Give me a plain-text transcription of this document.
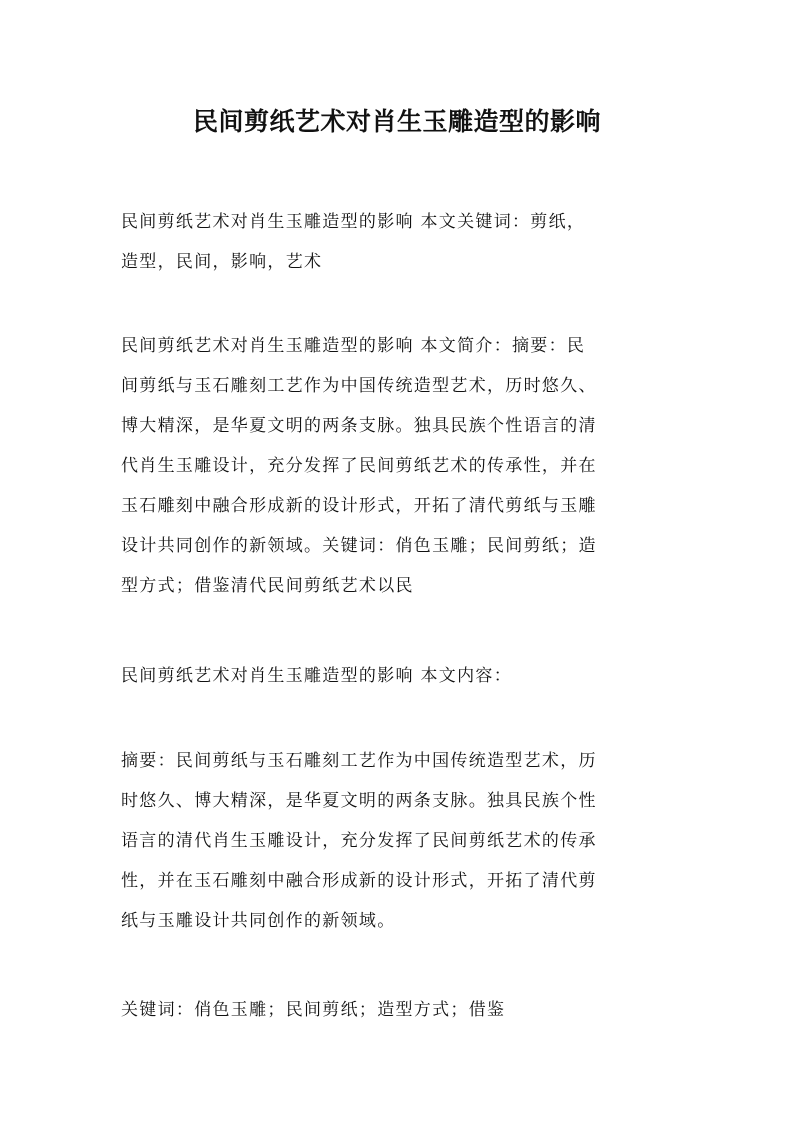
民间剪纸艺术对肖生玉雕造型的影响
民间剪纸艺术对肖生玉雕造型的影响 本文关键词：剪纸，
造型，民间，影响，艺术
民间剪纸艺术对肖生玉雕造型的影响 本文简介：摘要：民
间剪纸与玉石雕刻工艺作为中国传统造型艺术，历时悠久、
博大精深，是华夏文明的两条支脉。独具民族个性语言的清
代肖生玉雕设计，充分发挥了民间剪纸艺术的传承性，并在
玉石雕刻中融合形成新的设计形式，开拓了清代剪纸与玉雕
设计共同创作的新领域。关键词：俏色玉雕；民间剪纸；造
型方式；借鉴清代民间剪纸艺术以民
民间剪纸艺术对肖生玉雕造型的影响 本文内容：
摘要：民间剪纸与玉石雕刻工艺作为中国传统造型艺术，历
时悠久、博大精深，是华夏文明的两条支脉。独具民族个性
语言的清代肖生玉雕设计，充分发挥了民间剪纸艺术的传承
性，并在玉石雕刻中融合形成新的设计形式，开拓了清代剪
纸与玉雕设计共同创作的新领域。
关键词：俏色玉雕；民间剪纸；造型方式；借鉴
